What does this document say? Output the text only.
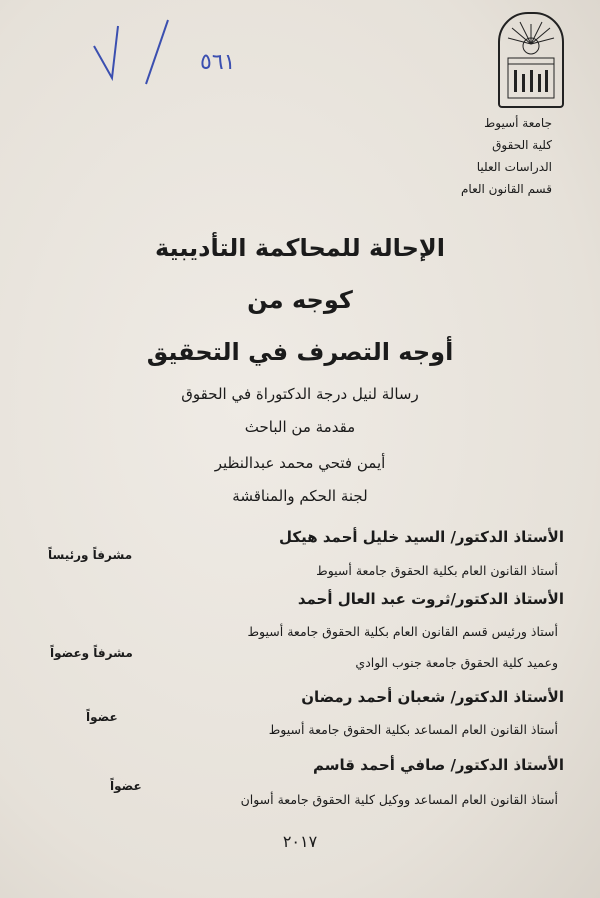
٥٦١
جامعة أسيوط
كلية الحقوق
الدراسات العليا
قسم القانون العام
الإحالة للمحاكمة التأديبية
كوجه من
أوجه التصرف في التحقيق
رسالة لنيل درجة الدكتوراة في الحقوق
مقدمة من الباحث
أيمن فتحي محمد عبدالنظير
لجنة الحكم والمناقشة
الأستاذ الدكتور/ السيد خليل أحمد هيكل
مشرفاً ورئيساً
أستاذ القانون العام بكلية الحقوق جامعة أسيوط
الأستاذ الدكتور/ثروت عبد العال أحمد
أستاذ ورئيس قسم القانون العام بكلية الحقوق جامعة أسيوط
مشرفاً وعضواً
وعميد كلية الحقوق جامعة جنوب الوادي
الأستاذ الدكتور/ شعبان أحمد رمضان
عضواً
أستاذ القانون العام المساعد بكلية الحقوق جامعة أسيوط
الأستاذ الدكتور/ صافي أحمد قاسم
عضواً
أستاذ القانون العام المساعد ووكيل كلية الحقوق جامعة أسوان
٢٠١٧
